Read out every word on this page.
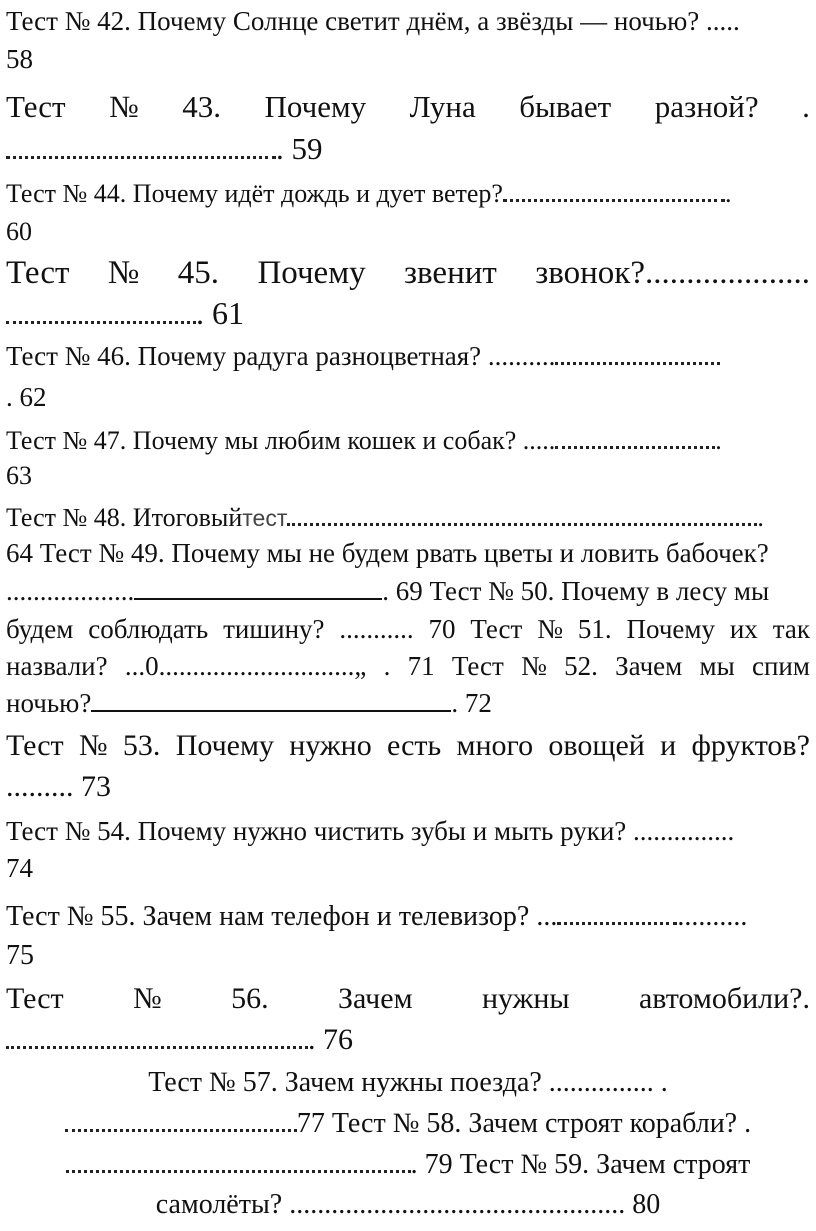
Тест № 42. Почему Солнце светит днём, а звёзды — ночью? .....
58
Тест № 43. Почему Луна бывает разной? .
. 59
Тест № 44. Почему идёт дождь и дует ветер?	.
60
Тест № 45. Почему звенит звонок?....................
. 61
Тест № 46. Почему радуга разноцветная? ..........
. 62
Тест № 47. Почему мы любим кошек и собак? .....	.
63
Тест № 48. Итоговыйтест	.
64 Тест № 49. Почему мы не будем рвать цветы и ловить бабочек?
...................	. 69 Тест № 50. Почему в лесу мы
будем соблюдать тишину? ........... 70 Тест № 51. Почему их так
назвали? ...0.............................„ . 71 Тест № 52. Зачем мы спим
ночью?	. 72
Тест № 53. Почему нужно есть много овощей и фруктов?
......... 73
Тест № 54. Почему нужно чистить зубы и мыть руки? ...............
74
Тест № 55. Зачем нам телефон и телевизор? ...	..........
75
Тест № 56. Зачем нужны автомобили?.
. 76
Тест № 57. Зачем нужны поезда? ............... .
77 Тест № 58. Зачем строят корабли? .
. 79 Тест № 59. Зачем строят
самолёты? ................................................ 80
